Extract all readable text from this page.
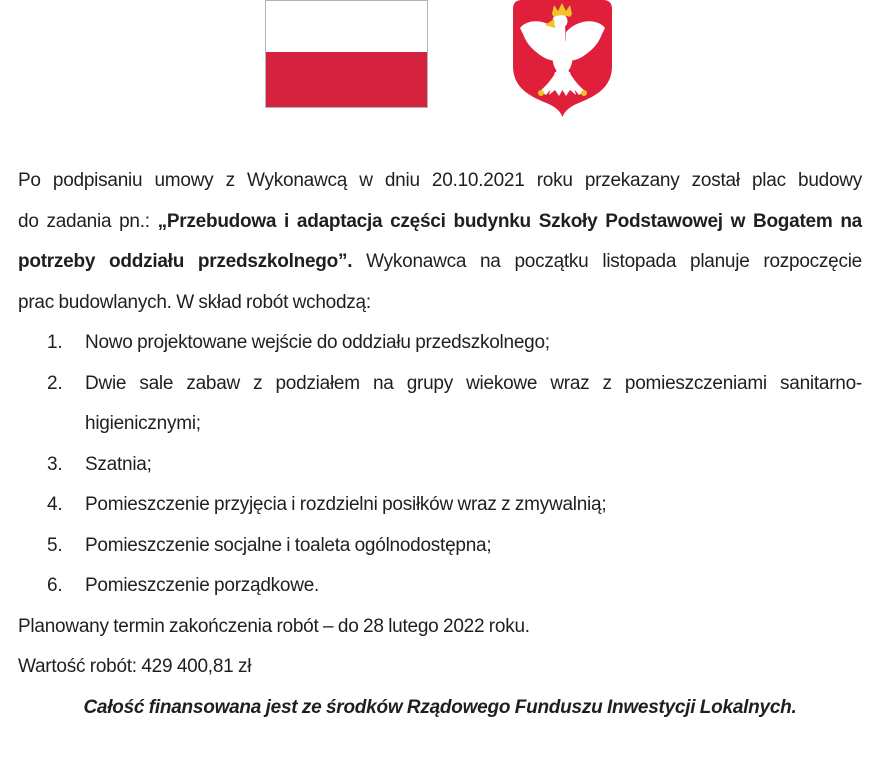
Po podpisaniu umowy z Wykonawcą w dniu 20.10.2021 roku przekazany został plac budowy
do zadania pn.: „Przebudowa i adaptacja części budynku Szkoły Podstawowej w Bogatem na
potrzeby oddziału przedszkolnego”. Wykonawca na początku listopada planuje rozpoczęcie
prac budowlanych. W skład robót wchodzą:
1. Nowo projektowane wejście do oddziału przedszkolnego;
2. Dwie sale zabaw z podziałem na grupy wiekowe wraz z pomieszczeniami sanitarno-
higienicznymi;
3. Szatnia;
4. Pomieszczenie przyjęcia i rozdzielni posiłków wraz z zmywalnią;
5. Pomieszczenie socjalne i toaleta ogólnodostępna;
6. Pomieszczenie porządkowe.
Planowany termin zakończenia robót – do 28 lutego 2022 roku.
Wartość robót: 429 400,81 zł
Całość finansowana jest ze środków Rządowego Funduszu Inwestycji Lokalnych.
